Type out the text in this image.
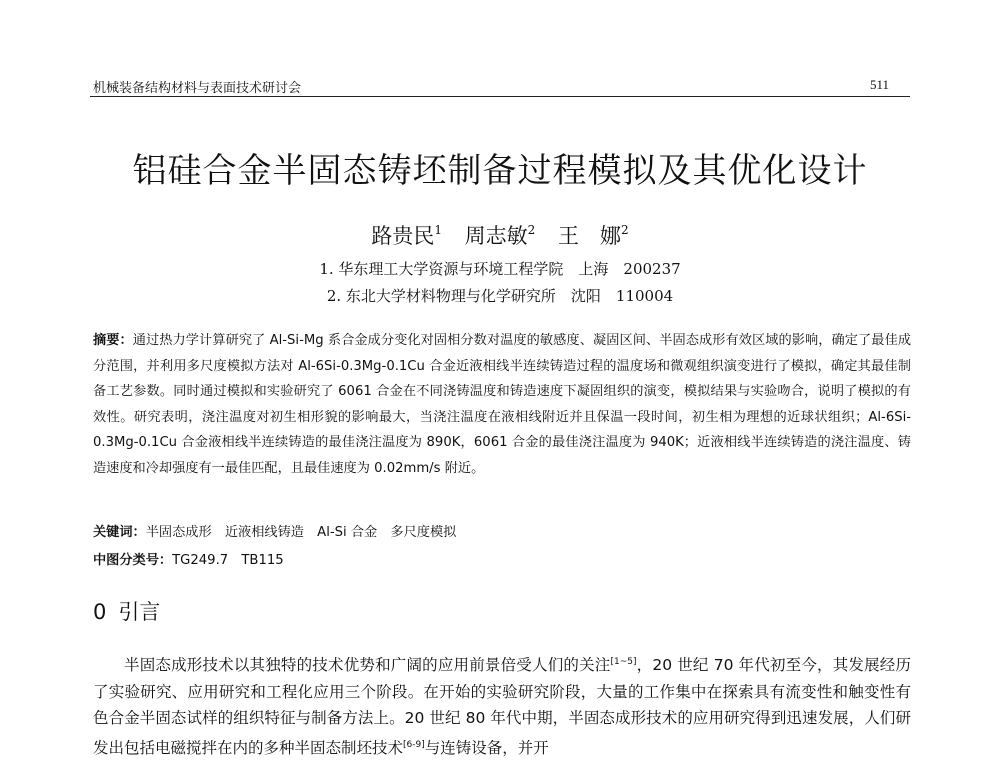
机械装备结构材料与表面技术研讨会	511
铝硅合金半固态铸坯制备过程模拟及其优化设计
路贵民$^1$ 周志敏$^2$ 王　娜$^2$
1. 华东理工大学资源与环境工程学院　上海　200237
2. 东北大学材料物理与化学研究所　沈阳　110004
摘要：通过热力学计算研究了 Al-Si-Mg 系合金成分变化对固相分数对温度的敏感度、凝固区间、半固态成形有效区域的影响，确定了最佳成分范围，并利用多尺度模拟方法对 Al-6Si-0.3Mg-0.1Cu 合金近液相线半连续铸造过程的温度场和微观组织演变进行了模拟，确定其最佳制备工艺参数。同时通过模拟和实验研究了 6061 合金在不同浇铸温度和铸造速度下凝固组织的演变，模拟结果与实验吻合，说明了模拟的有效性。研究表明，浇注温度对初生相形貌的影响最大，当浇注温度在液相线附近并且保温一段时间，初生相为理想的近球状组织；Al-6Si-0.3Mg-0.1Cu 合金液相线半连续铸造的最佳浇注温度为 890K，6061 合金的最佳浇注温度为 940K；近液相线半连续铸造的浇注温度、铸造速度和冷却强度有一最佳匹配，且最佳速度为 0.02mm/s 附近。
关键词：半固态成形　近液相线铸造　Al-Si 合金　多尺度模拟
中图分类号：TG249.7　TB115
0 引言
半固态成形技术以其独特的技术优势和广阔的应用前景倍受人们的关注[1~5]，20 世纪 70 年代初至今，其发展经历了实验研究、应用研究和工程化应用三个阶段。在开始的实验研究阶段，大量的工作集中在探索具有流变性和触变性有色合金半固态试样的组织特征与制备方法上。20 世纪 80 年代中期，半固态成形技术的应用研究得到迅速发展，人们研发出包括电磁搅拌在内的多种半固态制坯技术[6-9]与连铸设备，并开
